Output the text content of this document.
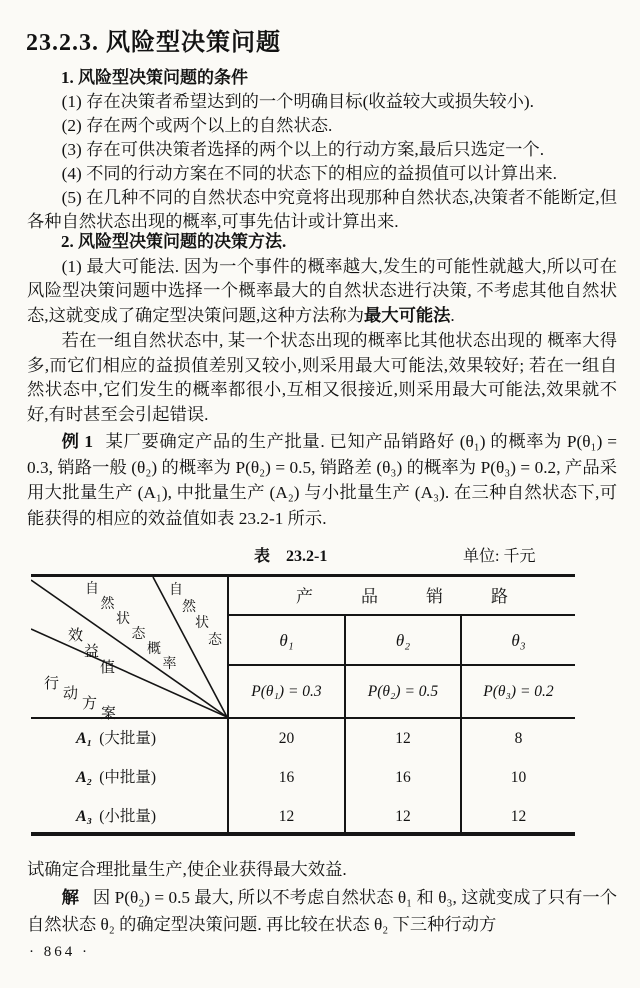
23.2.3. 风险型决策问题

1. 风险型决策问题的条件

(1) 存在决策者希望达到的一个明确目标(收益较大或损失较小).

(2) 存在两个或两个以上的自然状态.

(3) 存在可供决策者选择的两个以上的行动方案,最后只选定一个.

(4) 不同的行动方案在不同的状态下的相应的益损值可以计算出来.

(5) 在几种不同的自然状态中究竟将出现那种自然状态,决策者不能断定,但各种自然状态出现的概率,可事先估计或计算出来.

2. 风险型决策问题的决策方法.

(1) 最大可能法. 因为一个事件的概率越大,发生的可能性就越大,所以可在风险型决策问题中选择一个概率最大的自然状态进行决策, 不考虑其他自然状态,这就变成了确定型决策问题,这种方法称为最大可能法.

若在一组自然状态中, 某一个状态出现的概率比其他状态出现的 概率大得多,而它们相应的益损值差别又较小,则采用最大可能法,效果较好; 若在一组自然状态中,它们发生的概率都很小,互相又很接近,则采用最大可能法,效果就不好,有时甚至会引起错误.

例 1 某厂要确定产品的生产批量. 已知产品销路好 (θ₁) 的概率为 P(θ₁) = 0.3, 销路一般 (θ₂) 的概率为 P(θ₂) = 0.5, 销路差 (θ₃) 的概率为 P(θ₃) = 0.2, 产品采用大批量生产 (A₁), 中批量生产 (A₂) 与小批量生产 (A₃). 在三种自然状态下,可能获得的相应的效益值如表 23.2-1 所示.

表　23.2-1	单位: 千元
自
然
状
态
自
然
状
态
概
率
效
益
值
行
动
方
案
产品销路
θ₁	θ₂	θ₃
P(θ₁) = 0.3	P(θ₂) = 0.5	P(θ₃) = 0.2
A₁ (大批量)	20	12	8
A₂ (中批量)	16	16	10
A₃ (小批量)	12	12	12

试确定合理批量生产,使企业获得最大效益.

解 因 P(θ₂) = 0.5 最大, 所以不考虑自然状态 θ₁ 和 θ₃, 这就变成了只有一个自然状态 θ₂ 的确定型决策问题. 再比较在状态 θ₂ 下三种行动方

· 864 ·
